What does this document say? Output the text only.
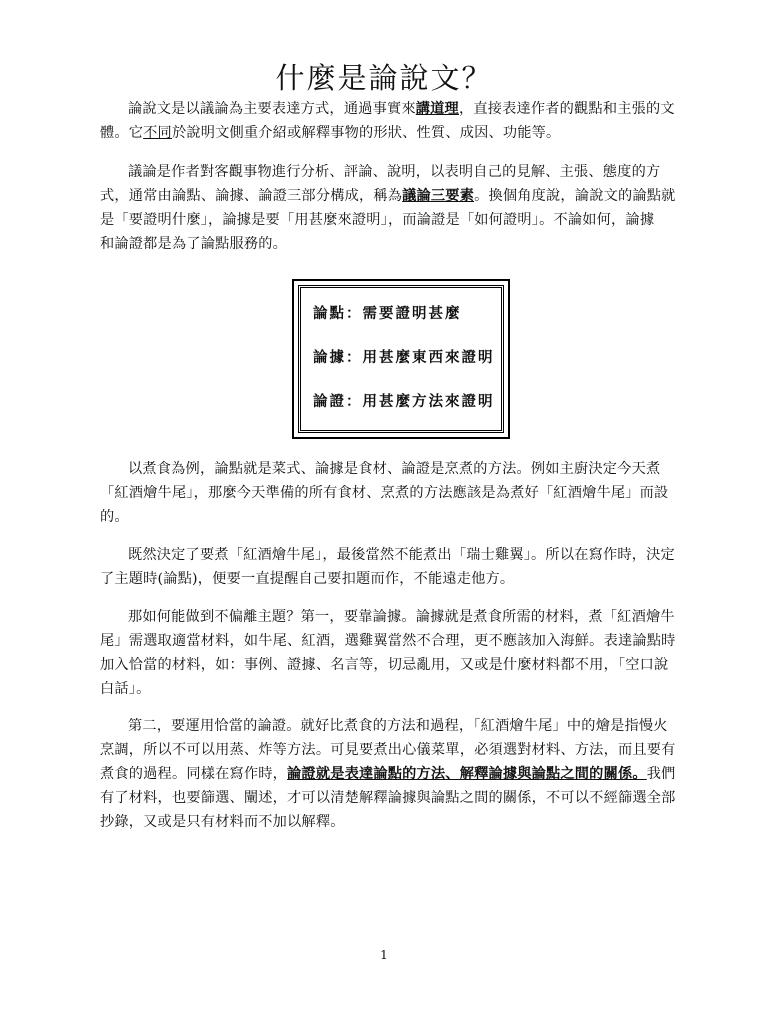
什麼是論說文？
論說文是以議論為主要表達方式，通過事實來講道理，直接表達作者的觀點和主張的文
體。它不同於說明文側重介紹或解釋事物的形狀、性質、成因、功能等。
議論是作者對客觀事物進行分析、評論、說明，以表明自己的見解、主張、態度的方
式，通常由論點、論據、論證三部分構成，稱為議論三要素。換個角度說，論說文的論點就
是「要證明什麼」，論據是要「用甚麼來證明」，而論證是「如何證明」。不論如何，論據
和論證都是為了論點服務的。
論點：需要證明甚麼
論據：用甚麼東西來證明
論證：用甚麼方法來證明
以煮食為例，論點就是菜式、論據是食材、論證是烹煮的方法。例如主廚決定今天煮
「紅酒燴牛尾」，那麼今天準備的所有食材、烹煮的方法應該是為煮好「紅酒燴牛尾」而設
的。
既然決定了要煮「紅酒燴牛尾」，最後當然不能煮出「瑞士雞翼」。所以在寫作時，決定
了主題時(論點)，便要一直提醒自己要扣題而作，不能遠走他方。
那如何能做到不偏離主題？第一，要靠論據。論據就是煮食所需的材料，煮「紅酒燴牛
尾」需選取適當材料，如牛尾、紅酒，選雞翼當然不合理，更不應該加入海鮮。表達論點時
加入恰當的材料，如：事例、證據、名言等，切忌亂用，又或是什麼材料都不用，「空口說
白話」。
第二，要運用恰當的論證。就好比煮食的方法和過程，「紅酒燴牛尾」中的燴是指慢火
烹調，所以不可以用蒸、炸等方法。可見要煮出心儀菜單，必須選對材料、方法，而且要有
煮食的過程。同樣在寫作時，論證就是表達論點的方法、解釋論據與論點之間的關係。我們
有了材料，也要篩選、闡述，才可以清楚解釋論據與論點之間的關係，不可以不經篩選全部
抄錄，又或是只有材料而不加以解釋。
1
